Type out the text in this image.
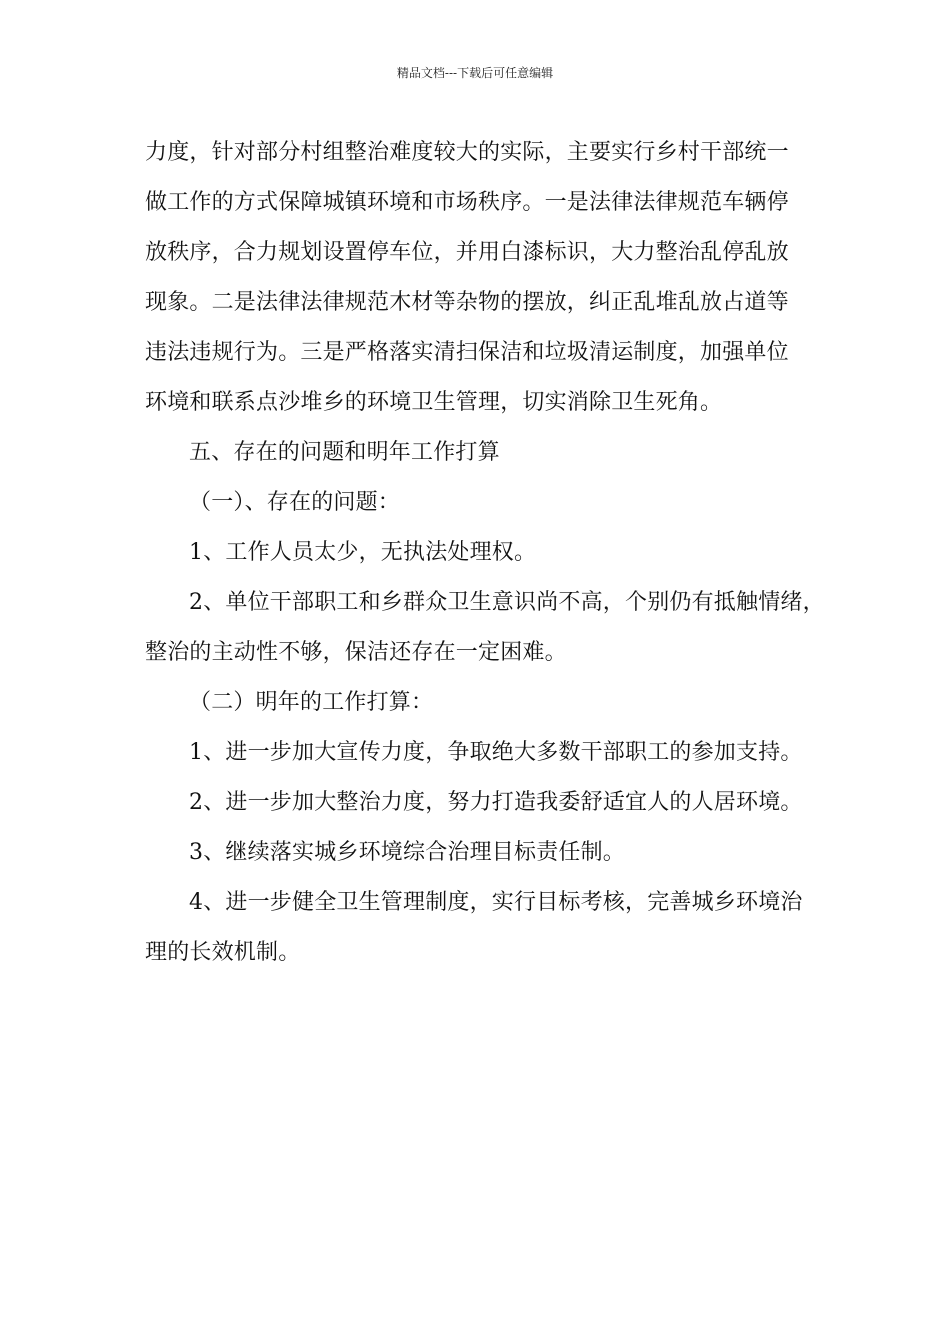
精品文档---下载后可任意编辑
力度，针对部分村组整治难度较大的实际，主要实行乡村干部统一
做工作的方式保障城镇环境和市场秩序。一是法律法律规范车辆停
放秩序，合力规划设置停车位，并用白漆标识，大力整治乱停乱放
现象。二是法律法律规范木材等杂物的摆放，纠正乱堆乱放占道等
违法违规行为。三是严格落实清扫保洁和垃圾清运制度，加强单位
环境和联系点沙堆乡的环境卫生管理，切实消除卫生死角。
五、存在的问题和明年工作打算
（一）、存在的问题：
1、工作人员太少，无执法处理权。
2、单位干部职工和乡群众卫生意识尚不高，个别仍有抵触情绪，
整治的主动性不够，保洁还存在一定困难。
（二）明年的工作打算：
1、进一步加大宣传力度，争取绝大多数干部职工的参加支持。
2、进一步加大整治力度，努力打造我委舒适宜人的人居环境。
3、继续落实城乡环境综合治理目标责任制。
4、进一步健全卫生管理制度，实行目标考核，完善城乡环境治
理的长效机制。
